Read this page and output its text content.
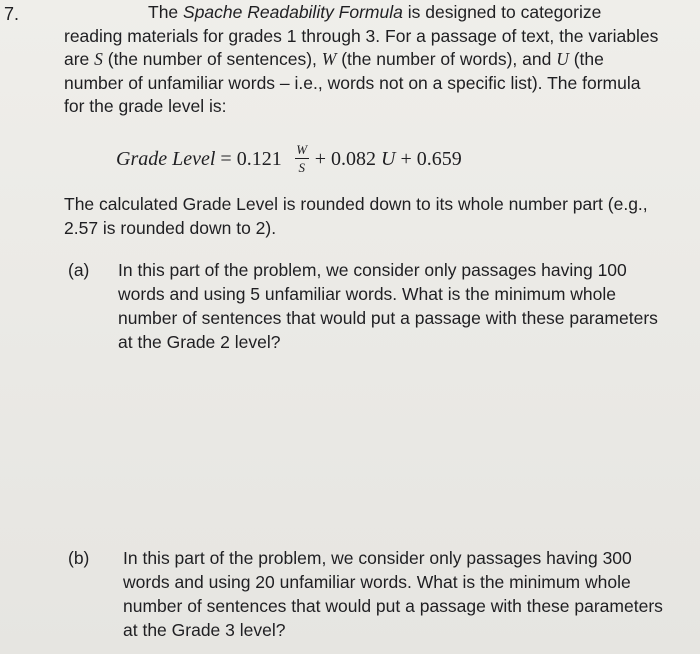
7.	The Spache Readability Formula is designed to categorize reading materials for grades 1 through 3. For a passage of text, the variables are S (the number of sentences), W (the number of words), and U (the number of unfamiliar words – i.e., words not on a specific list). The formula for the grade level is:
Grade Level = $0.121 \frac{W}{S} + 0.082$ U + 0.659
The calculated Grade Level is rounded down to its whole number part (e.g., 2.57 is rounded down to 2).
(a) In this part of the problem, we consider only passages having 100 words and using 5 unfamiliar words. What is the minimum whole number of sentences that would put a passage with these parameters at the Grade 2 level?
(b) In this part of the problem, we consider only passages having 300 words and using 20 unfamiliar words. What is the minimum whole number of sentences that would put a passage with these parameters at the Grade 3 level?
